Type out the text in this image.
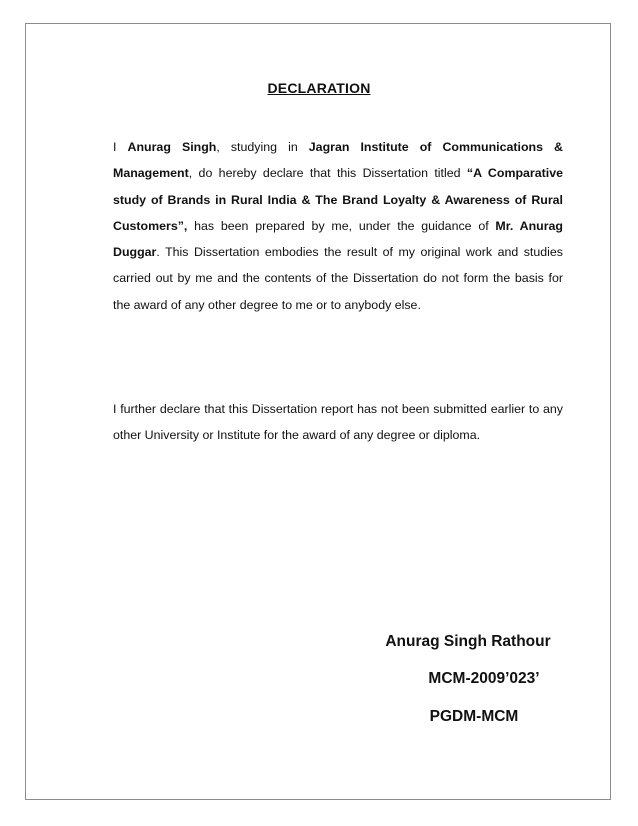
DECLARATION

I Anurag Singh, studying in Jagran Institute of Communications & Management, do hereby declare that this Dissertation titled “A Comparative study of Brands in Rural India & The Brand Loyalty & Awareness of Rural Customers”, has been prepared by me, under the guidance of Mr. Anurag Duggar. This Dissertation embodies the result of my original work and studies carried out by me and the contents of the Dissertation do not form the basis for the award of any other degree to me or to anybody else.

I further declare that this Dissertation report has not been submitted earlier to any other University or Institute for the award of any degree or diploma.

Anurag Singh Rathour
MCM-2009’023’
PGDM-MCM
